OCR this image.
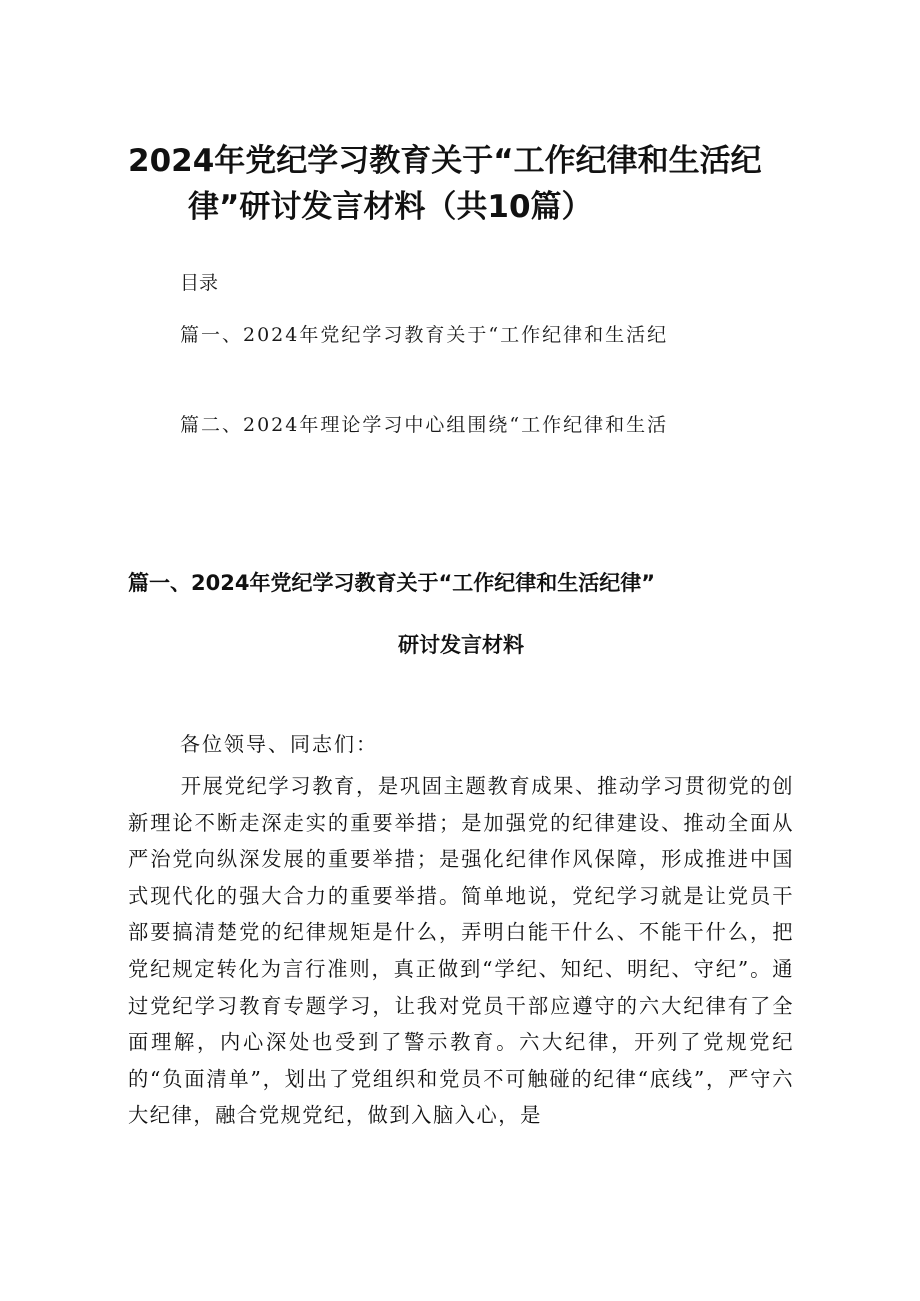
2024年党纪学习教育关于“工作纪律和生活纪
律”研讨发言材料（共10篇）

目录

篇一、2024年党纪学习教育关于“工作纪律和生活纪

篇二、2024年理论学习中心组围绕“工作纪律和生活

篇一、2024年党纪学习教育关于“工作纪律和生活纪律”
研讨发言材料

各位领导、同志们：

开展党纪学习教育，是巩固主题教育成果、推动学习贯彻党的创新理论不断走深走实的重要举措；是加强党的纪律建设、推动全面从严治党向纵深发展的重要举措；是强化纪律作风保障，形成推进中国式现代化的强大合力的重要举措。简单地说，党纪学习就是让党员干部要搞清楚党的纪律规矩是什么，弄明白能干什么、不能干什么，把党纪规定转化为言行准则，真正做到“学纪、知纪、明纪、守纪”。通过党纪学习教育专题学习，让我对党员干部应遵守的六大纪律有了全面理解，内心深处也受到了警示教育。六大纪律，开列了党规党纪的“负面清单”，划出了党组织和党员不可触碰的纪律“底线”，严守六大纪律，融合党规党纪，做到入脑入心，是
